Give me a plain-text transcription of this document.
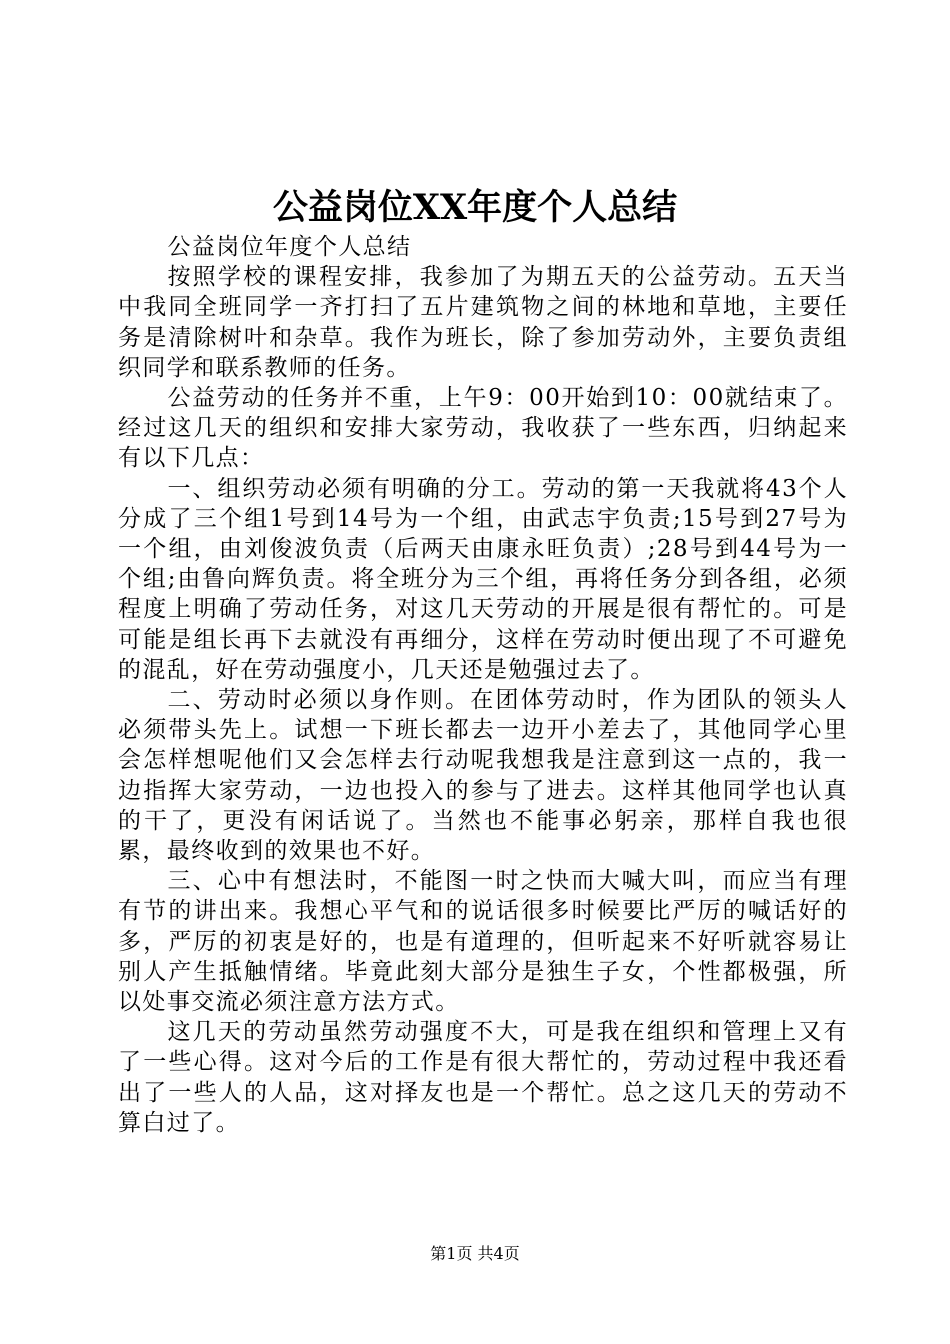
公益岗位XX年度个人总结

公益岗位年度个人总结

按照学校的课程安排，我参加了为期五天的公益劳动。五天当中我同全班同学一齐打扫了五片建筑物之间的林地和草地，主要任务是清除树叶和杂草。我作为班长，除了参加劳动外，主要负责组织同学和联系教师的任务。

公益劳动的任务并不重，上午9：00开始到10：00就结束了。经过这几天的组织和安排大家劳动，我收获了一些东西，归纳起来有以下几点：

一、组织劳动必须有明确的分工。劳动的第一天我就将43个人分成了三个组1号到14号为一个组，由武志宇负责;15号到27号为一个组，由刘俊波负责（后两天由康永旺负责）;28号到44号为一个组;由鲁向辉负责。将全班分为三个组，再将任务分到各组，必须程度上明确了劳动任务，对这几天劳动的开展是很有帮忙的。可是可能是组长再下去就没有再细分，这样在劳动时便出现了不可避免的混乱，好在劳动强度小，几天还是勉强过去了。

二、劳动时必须以身作则。在团体劳动时，作为团队的领头人必须带头先上。试想一下班长都去一边开小差去了，其他同学心里会怎样想呢他们又会怎样去行动呢我想我是注意到这一点的，我一边指挥大家劳动，一边也投入的参与了进去。这样其他同学也认真的干了，更没有闲话说了。当然也不能事必躬亲，那样自我也很累，最终收到的效果也不好。

三、心中有想法时，不能图一时之快而大喊大叫，而应当有理有节的讲出来。我想心平气和的说话很多时候要比严厉的喊话好的多，严厉的初衷是好的，也是有道理的，但听起来不好听就容易让别人产生抵触情绪。毕竟此刻大部分是独生子女，个性都极强，所以处事交流必须注意方法方式。

这几天的劳动虽然劳动强度不大，可是我在组织和管理上又有了一些心得。这对今后的工作是有很大帮忙的，劳动过程中我还看出了一些人的人品，这对择友也是一个帮忙。总之这几天的劳动不算白过了。

第1页 共4页
